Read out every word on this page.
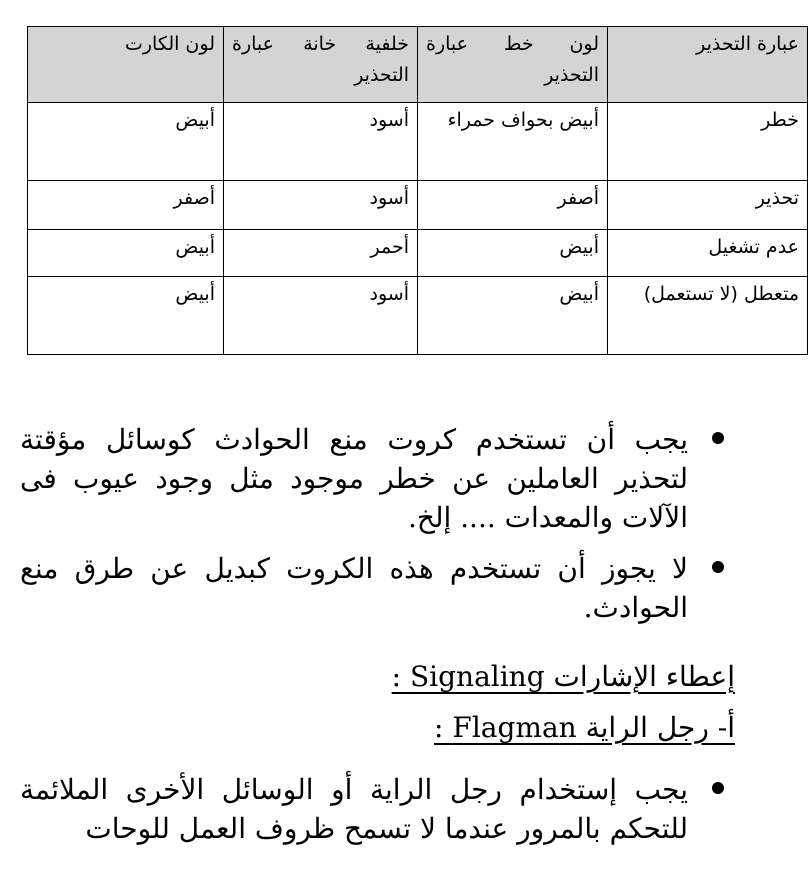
عبارة التحذير	لون خط عبارة التحذير	خلفية خانة عبارة التحذير	لون الكارت
خطر	أبيض بحواف حمراء	أسود	أبيض
تحذير	أصفر	أسود	أصفر
عدم تشغيل	أبيض	أحمر	أبيض
متعطل (لا تستعمل)	أبيض	أسود	أبيض
يجب أن تستخدم كروت منع الحوادث كوسائل مؤقتة لتحذير العاملين عن خطر موجود مثل وجود عيوب فى الآلات والمعدات .... إلخ.
لا يجوز أن تستخدم هذه الكروت كبديل عن طرق منع الحوادث.
إعطاء الإشارات Signaling :
أ- رجل الراية Flagman :
يجب إستخدام رجل الراية أو الوسائل الأخرى الملائمة للتحكم بالمرور عندما لا تسمح ظروف العمل للوحات
